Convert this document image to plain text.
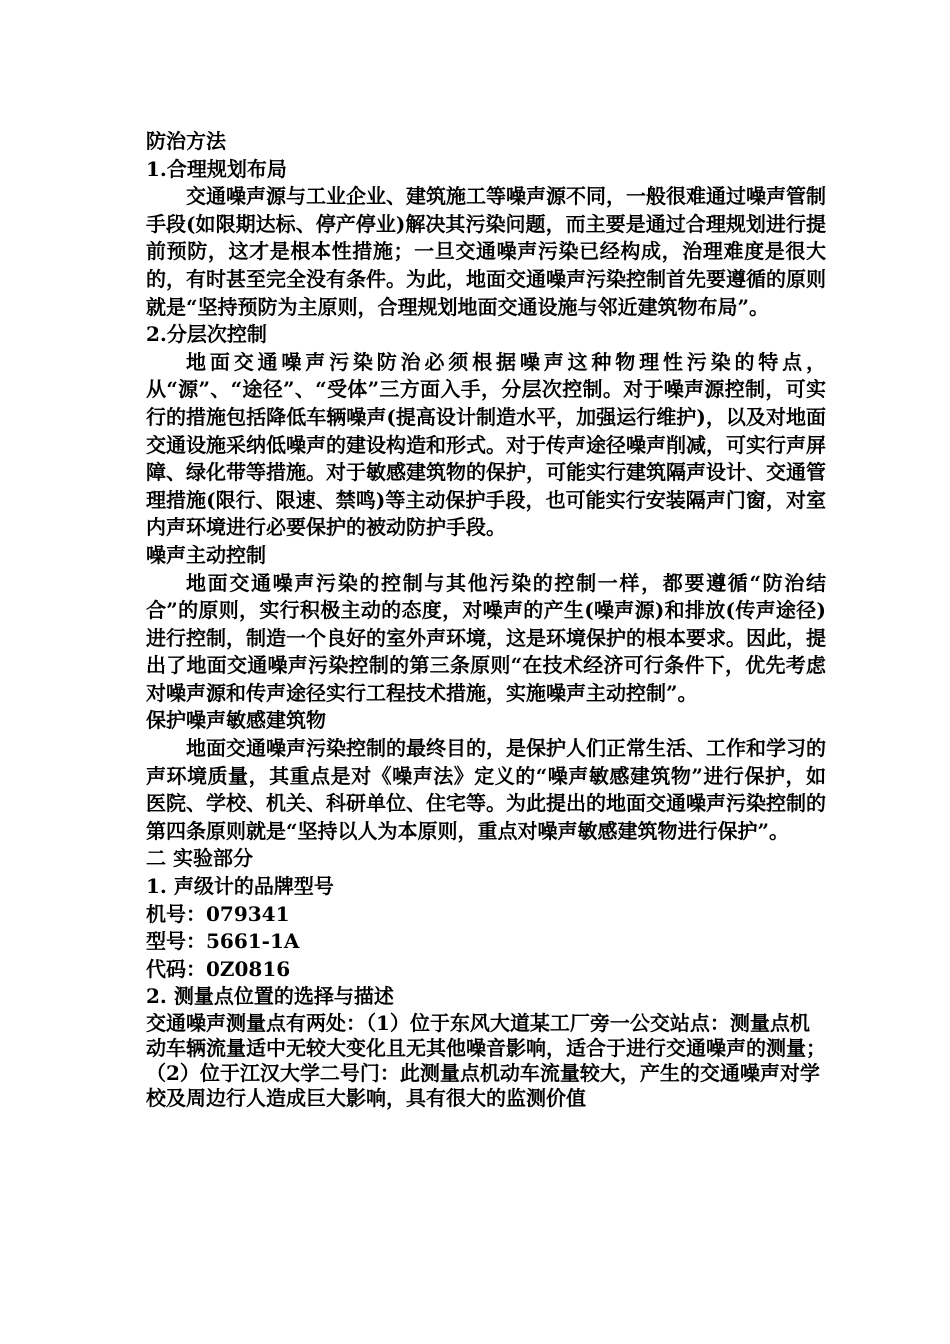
防治方法

1.合理规划布局

交通噪声源与工业企业、建筑施工等噪声源不同，一般很难通过噪声管制手段(如限期达标、停产停业)解决其污染问题，而主要是通过合理规划进行提前预防，这才是根本性措施；一旦交通噪声污染已经构成，治理难度是很大的，有时甚至完全没有条件。为此，地面交通噪声污染控制首先要遵循的原则就是“坚持预防为主原则，合理规划地面交通设施与邻近建筑物布局”。

2.分层次控制

地面交通噪声污染防治必须根据噪声这种物理性污染的特点，从“源”、“途径”、“受体”三方面入手，分层次控制。对于噪声源控制，可实行的措施包括降低车辆噪声(提高设计制造水平，加强运行维护)，以及对地面交通设施采纳低噪声的建设构造和形式。对于传声途径噪声削减，可实行声屏障、绿化带等措施。对于敏感建筑物的保护，可能实行建筑隔声设计、交通管理措施(限行、限速、禁鸣)等主动保护手段，也可能实行安装隔声门窗，对室内声环境进行必要保护的被动防护手段。

噪声主动控制

地面交通噪声污染的控制与其他污染的控制一样，都要遵循“防治结合”的原则，实行积极主动的态度，对噪声的产生(噪声源)和排放(传声途径)进行控制，制造一个良好的室外声环境，这是环境保护的根本要求。因此，提出了地面交通噪声污染控制的第三条原则“在技术经济可行条件下，优先考虑对噪声源和传声途径实行工程技术措施，实施噪声主动控制”。

保护噪声敏感建筑物

地面交通噪声污染控制的最终目的，是保护人们正常生活、工作和学习的声环境质量，其重点是对《噪声法》定义的“噪声敏感建筑物”进行保护，如医院、学校、机关、科研单位、住宅等。为此提出的地面交通噪声污染控制的第四条原则就是“坚持以人为本原则，重点对噪声敏感建筑物进行保护”。

二 实验部分

1. 声级计的品牌型号

机号：079341

型号：5661-1A

代码：0Z0816

2. 测量点位置的选择与描述

交通噪声测量点有两处：（1）位于东风大道某工厂旁一公交站点：测量点机动车辆流量适中无较大变化且无其他噪音影响，适合于进行交通噪声的测量；（2）位于江汉大学二号门：此测量点机动车流量较大，产生的交通噪声对学校及周边行人造成巨大影响，具有很大的监测价值
